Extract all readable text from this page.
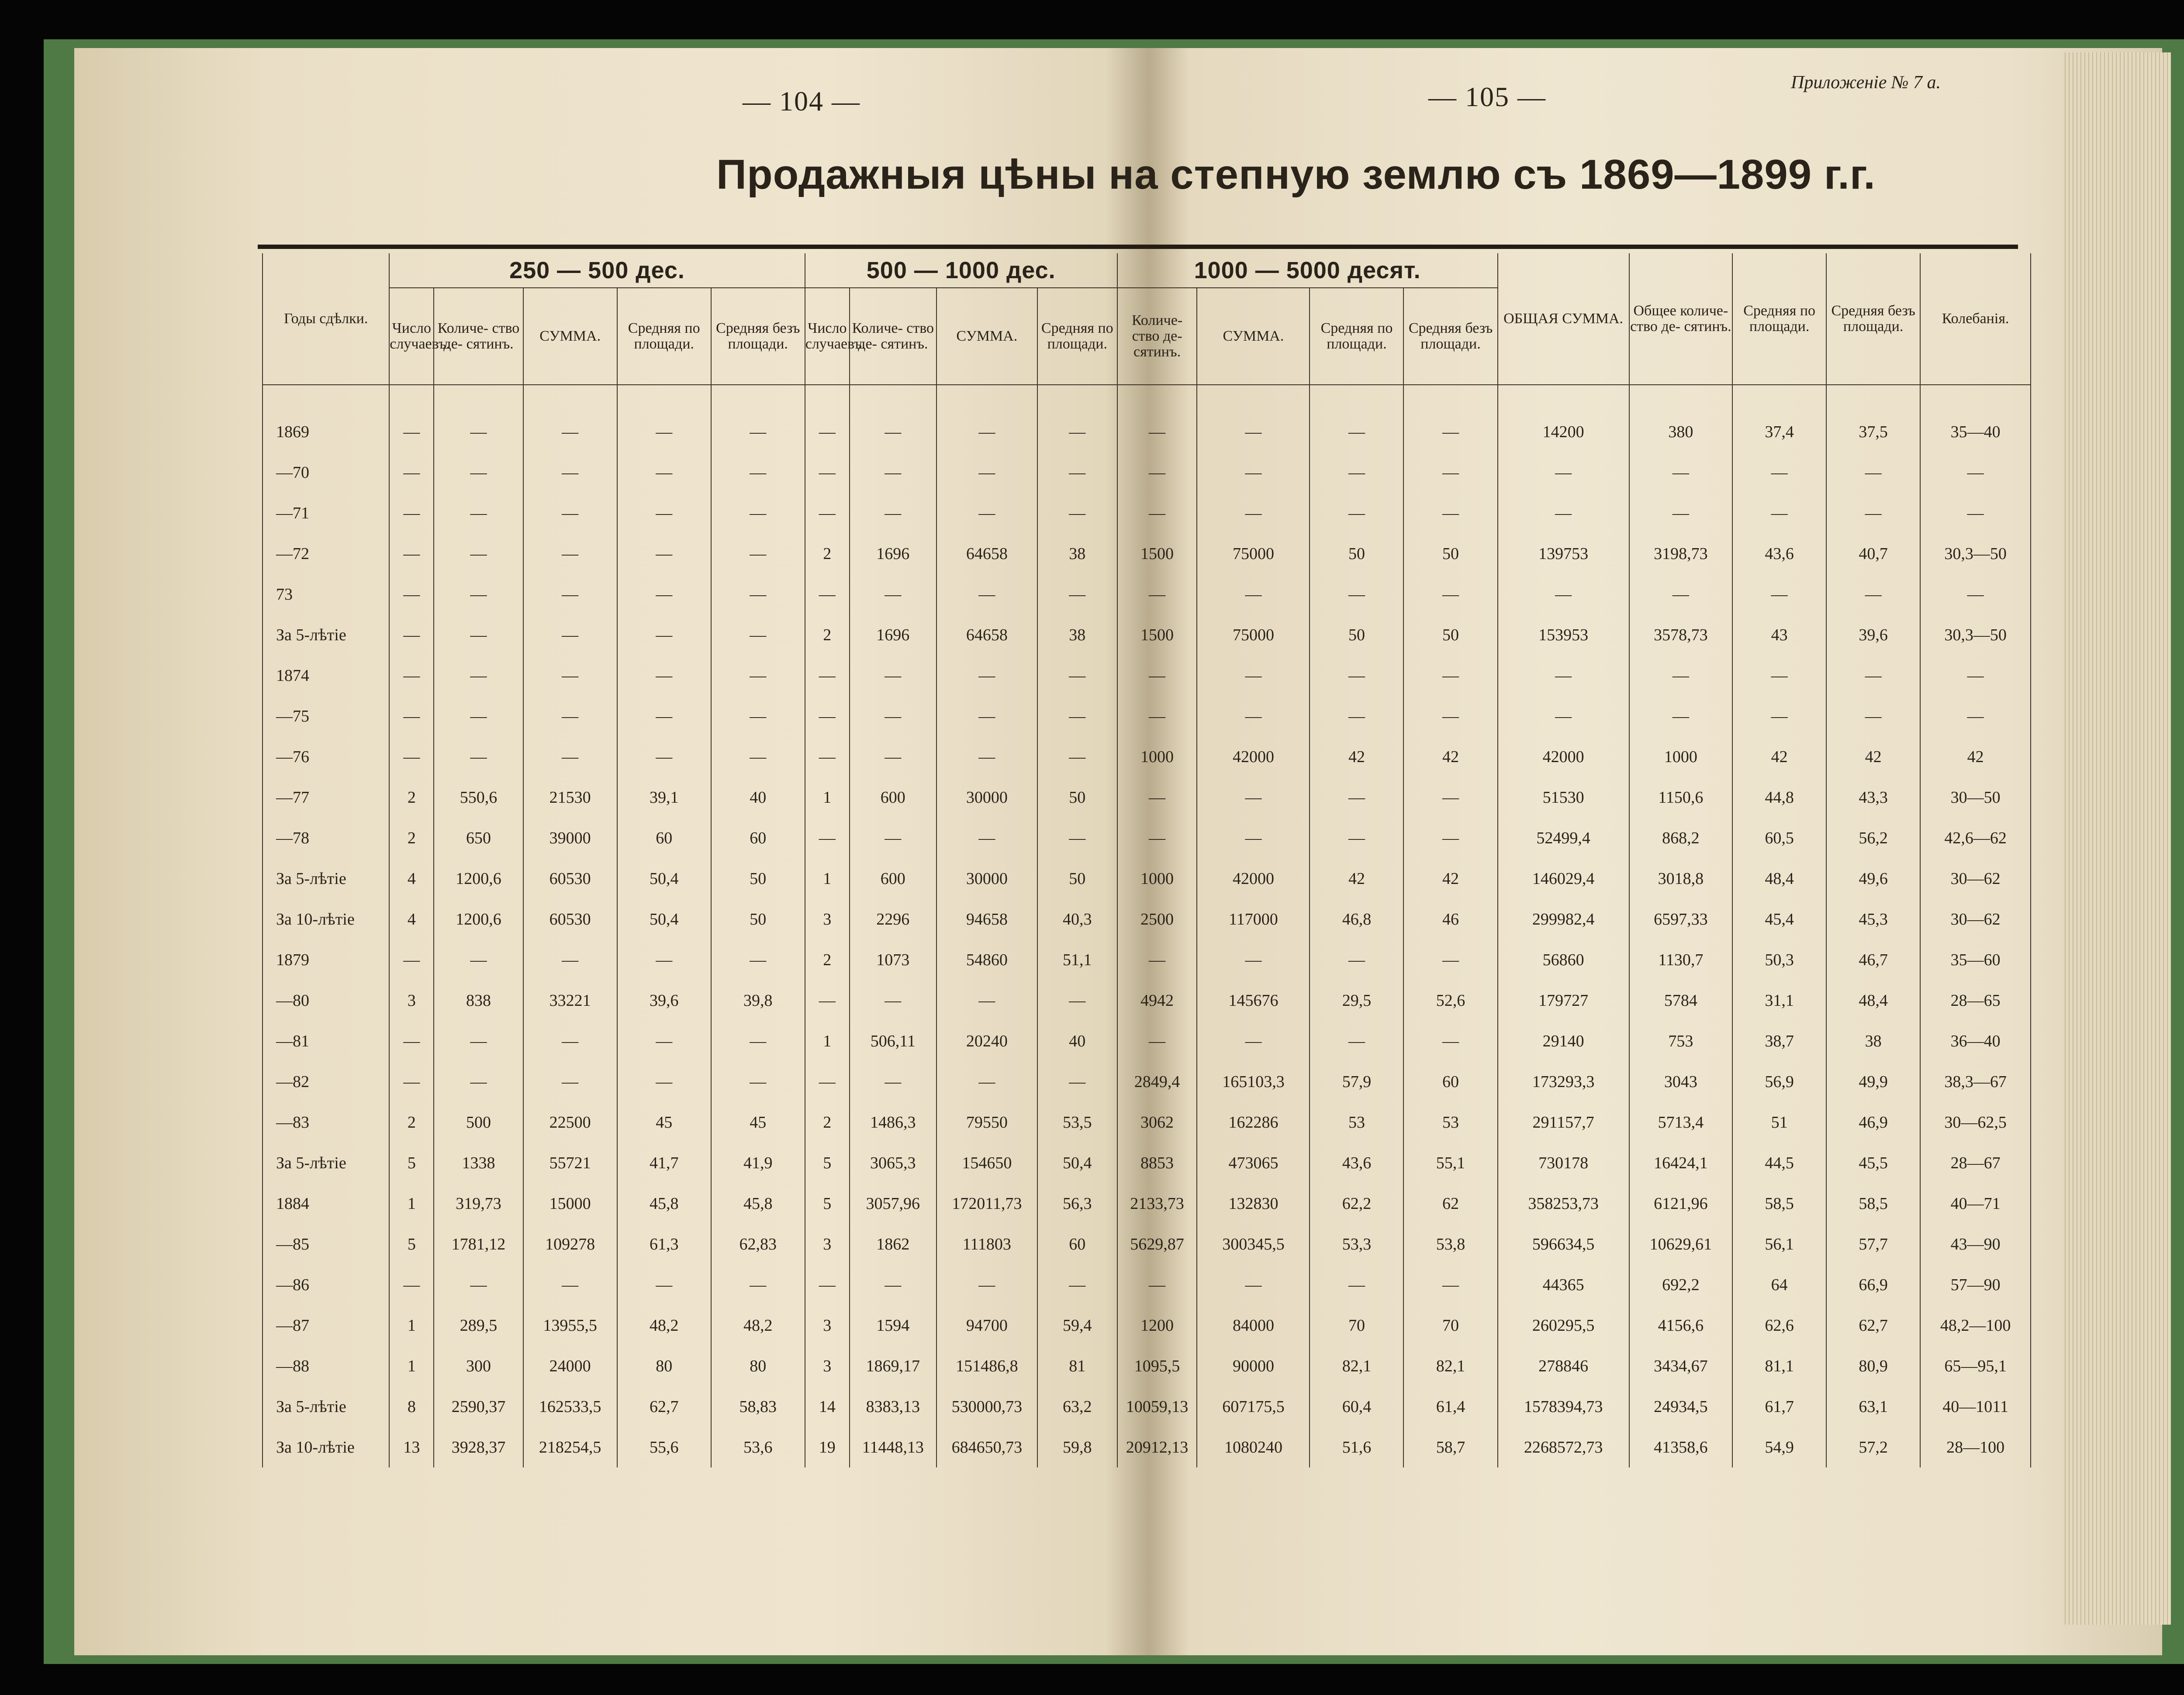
— 104 —	— 105 —	Приложеніе № 7 а.
Продажныя цѣны на степную землю съ 1869—1899 г.г.
Годы сдѣлки.	250 — 500 дес.					500 — 1000 дес.				1000 — 5000 десят.				ОБЩАЯ СУММА.	Общее количе- ство де- сятинъ.	Средняя по площади.	Средняя безъ площади.	Колебанія.
	Число случаевъ.	Количе- ство де- сятинъ.	СУММА.	Средняя по площади.	Средняя безъ площади.	Число случаевъ.	Количе- ство де- сятинъ.	СУММА.	Средняя по площади.	Количе- ство де- сятинъ.	СУММА.	Средняя по площади.	Средняя безъ площади.					
1869	—	—	—	—	—	—	—	—	—	—	—	—	—	14200	380	37,4	37,5	35—40
—70	—	—	—	—	—	—	—	—	—	—	—	—	—	—	—	—	—	—
—71	—	—	—	—	—	—	—	—	—	—	—	—	—	—	—	—	—	—
—72	—	—	—	—	—	2	1696	64658	38	1500	75000	50	50	139753	3198,73	43,6	40,7	30,3—50
73	—	—	—	—	—	—	—	—	—	—	—	—	—	—	—	—	—	—
За 5-лѣтіе	—	—	—	—	—	2	1696	64658	38	1500	75000	50	50	153953	3578,73	43	39,6	30,3—50
1874	—	—	—	—	—	—	—	—	—	—	—	—	—	—	—	—	—	—
—75	—	—	—	—	—	—	—	—	—	—	—	—	—	—	—	—	—	—
—76	—	—	—	—	—	—	—	—	—	1000	42000	42	42	42000	1000	42	42	42
—77	2	550,6	21530	39,1	40	1	600	30000	50	—	—	—	—	51530	1150,6	44,8	43,3	30—50
—78	2	650	39000	60	60	—	—	—	—	—	—	—	—	52499,4	868,2	60,5	56,2	42,6—62
За 5-лѣтіе	4	1200,6	60530	50,4	50	1	600	30000	50	1000	42000	42	42	146029,4	3018,8	48,4	49,6	30—62
За 10-лѣтіе	4	1200,6	60530	50,4	50	3	2296	94658	40,3	2500	117000	46,8	46	299982,4	6597,33	45,4	45,3	30—62
1879	—	—	—	—	—	2	1073	54860	51,1	—	—	—	—	56860	1130,7	50,3	46,7	35—60
—80	3	838	33221	39,6	39,8	—	—	—	—	4942	145676	29,5	52,6	179727	5784	31,1	48,4	28—65
—81	—	—	—	—	—	1	506,11	20240	40	—	—	—	—	29140	753	38,7	38	36—40
—82	—	—	—	—	—	—	—	—	—	2849,4	165103,3	57,9	60	173293,3	3043	56,9	49,9	38,3—67
—83	2	500	22500	45	45	2	1486,3	79550	53,5	3062	162286	53	53	291157,7	5713,4	51	46,9	30—62,5
За 5-лѣтіе	5	1338	55721	41,7	41,9	5	3065,3	154650	50,4	8853	473065	43,6	55,1	730178	16424,1	44,5	45,5	28—67
1884	1	319,73	15000	45,8	45,8	5	3057,96	172011,73	56,3	2133,73	132830	62,2	62	358253,73	6121,96	58,5	58,5	40—71
—85	5	1781,12	109278	61,3	62,83	3	1862	111803	60	5629,87	300345,5	53,3	53,8	596634,5	10629,61	56,1	57,7	43—90
—86	—	—	—	—	—	—	—	—	—	—	—	—	—	44365	692,2	64	66,9	57—90
—87	1	289,5	13955,5	48,2	48,2	3	1594	94700	59,4	1200	84000	70	70	260295,5	4156,6	62,6	62,7	48,2—100
—88	1	300	24000	80	80	3	1869,17	151486,8	81	1095,5	90000	82,1	82,1	278846	3434,67	81,1	80,9	65—95,1
За 5-лѣтіе	8	2590,37	162533,5	62,7	58,83	14	8383,13	530000,73	63,2	10059,13	607175,5	60,4	61,4	1578394,73	24934,5	61,7	63,1	40—1011
За 10-лѣтіе	13	3928,37	218254,5	55,6	53,6	19	11448,13	684650,73	59,8	20912,13	1080240	51,6	58,7	2268572,73	41358,6	54,9	57,2	28—100
